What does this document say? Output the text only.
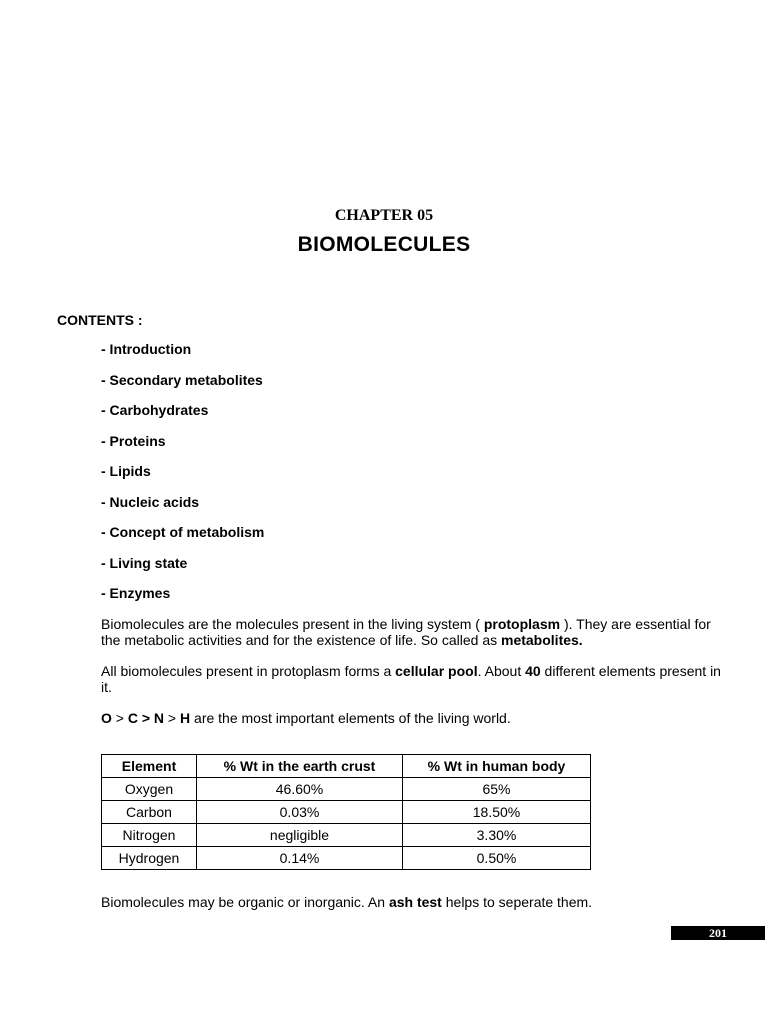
CHAPTER 05
BIOMOLECULES
CONTENTS :
- Introduction
- Secondary metabolites
- Carbohydrates
- Proteins
- Lipids
- Nucleic acids
- Concept of metabolism
- Living state
- Enzymes

Biomolecules are the molecules present in the living system ( protoplasm ). They are essential for the metabolic activities and for the existence of life. So called as metabolites.

All biomolecules present in protoplasm forms a cellular pool. About 40 different elements present in it.

O > C > N > H are the most important elements of the living world.

Element	% Wt in the earth crust	% Wt in human body
Oxygen	46.60%	65%
Carbon	0.03%	18.50%
Nitrogen	negligible	3.30%
Hydrogen	0.14%	0.50%

Biomolecules may be organic or inorganic. An ash test helps to seperate them.

201
